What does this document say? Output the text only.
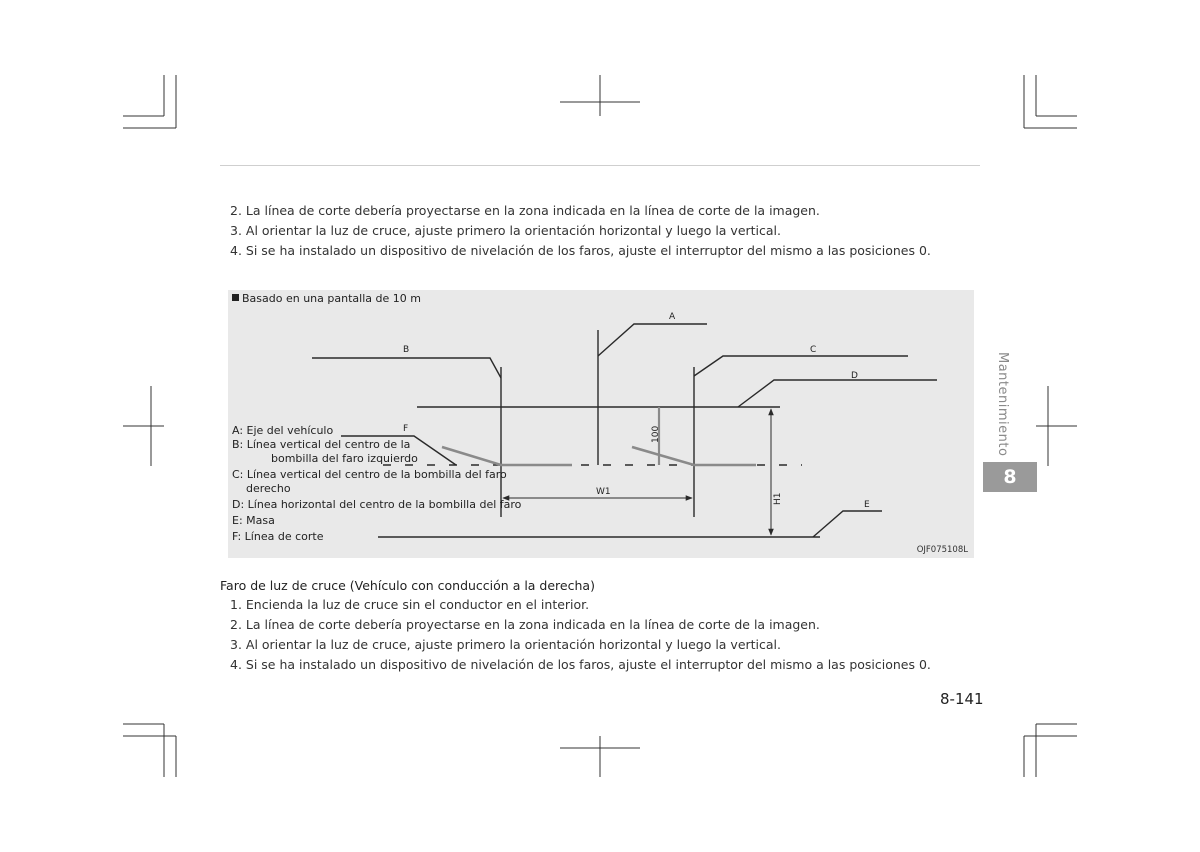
2. La línea de corte debería proyectarse en la zona indicada en la línea de corte de la imagen.
3. Al orientar la luz de cruce, ajuste primero la orientación horizontal y luego la vertical.
4. Si se ha instalado un dispositivo de nivelación de los faros, ajuste el interruptor del mismo a las posiciones 0.
Basado en una pantalla de 10 m
A
B	C
D
E
F
W1
H1
100
A: Eje del vehículo
B: Línea vertical del centro de la
bombilla del faro izquierdo
C: Línea vertical del centro de la bombilla del faro
derecho
D: Línea horizontal del centro de la bombilla del faro
E: Masa
F: Línea de corte
OJF075108L
Faro de luz de cruce (Vehículo con conducción a la derecha)
1. Encienda la luz de cruce sin el conductor en el interior.
2. La línea de corte debería proyectarse en la zona indicada en la línea de corte de la imagen.
3. Al orientar la luz de cruce, ajuste primero la orientación horizontal y luego la vertical.
4. Si se ha instalado un dispositivo de nivelación de los faros, ajuste el interruptor del mismo a las posiciones 0.
Mantenimiento
8
8-141
